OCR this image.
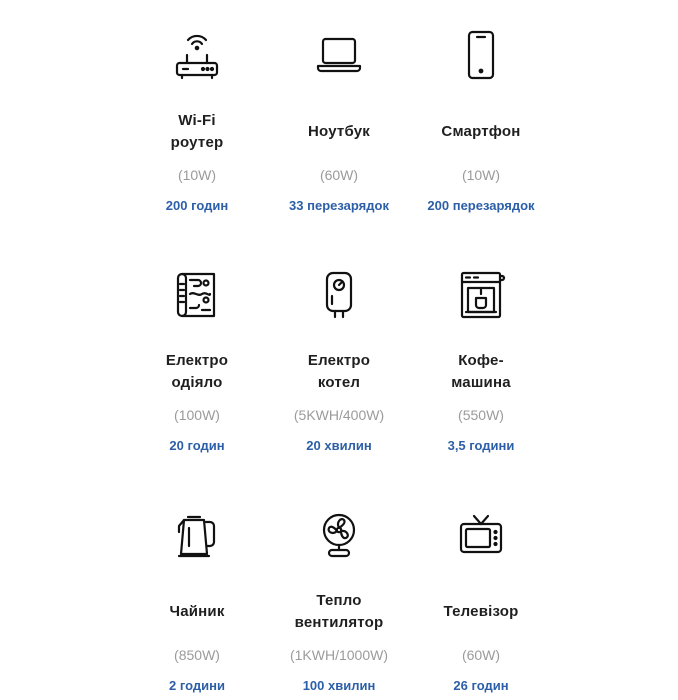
Wi-Fi
роутер
(10W)
200 годин
Ноутбук
(60W)
33 перезарядок
Смартфон
(10W)
200 перезарядок
Електро
одіяло
(100W)
20 годин
Електро
котел
(5KWH/400W)
20 хвилин
Кофе-
машина
(550W)
3,5 години
Чайник
(850W)
2 години
Тепло
вентилятор
(1KWH/1000W)
100 хвилин
Телевізор
(60W)
26 годин
